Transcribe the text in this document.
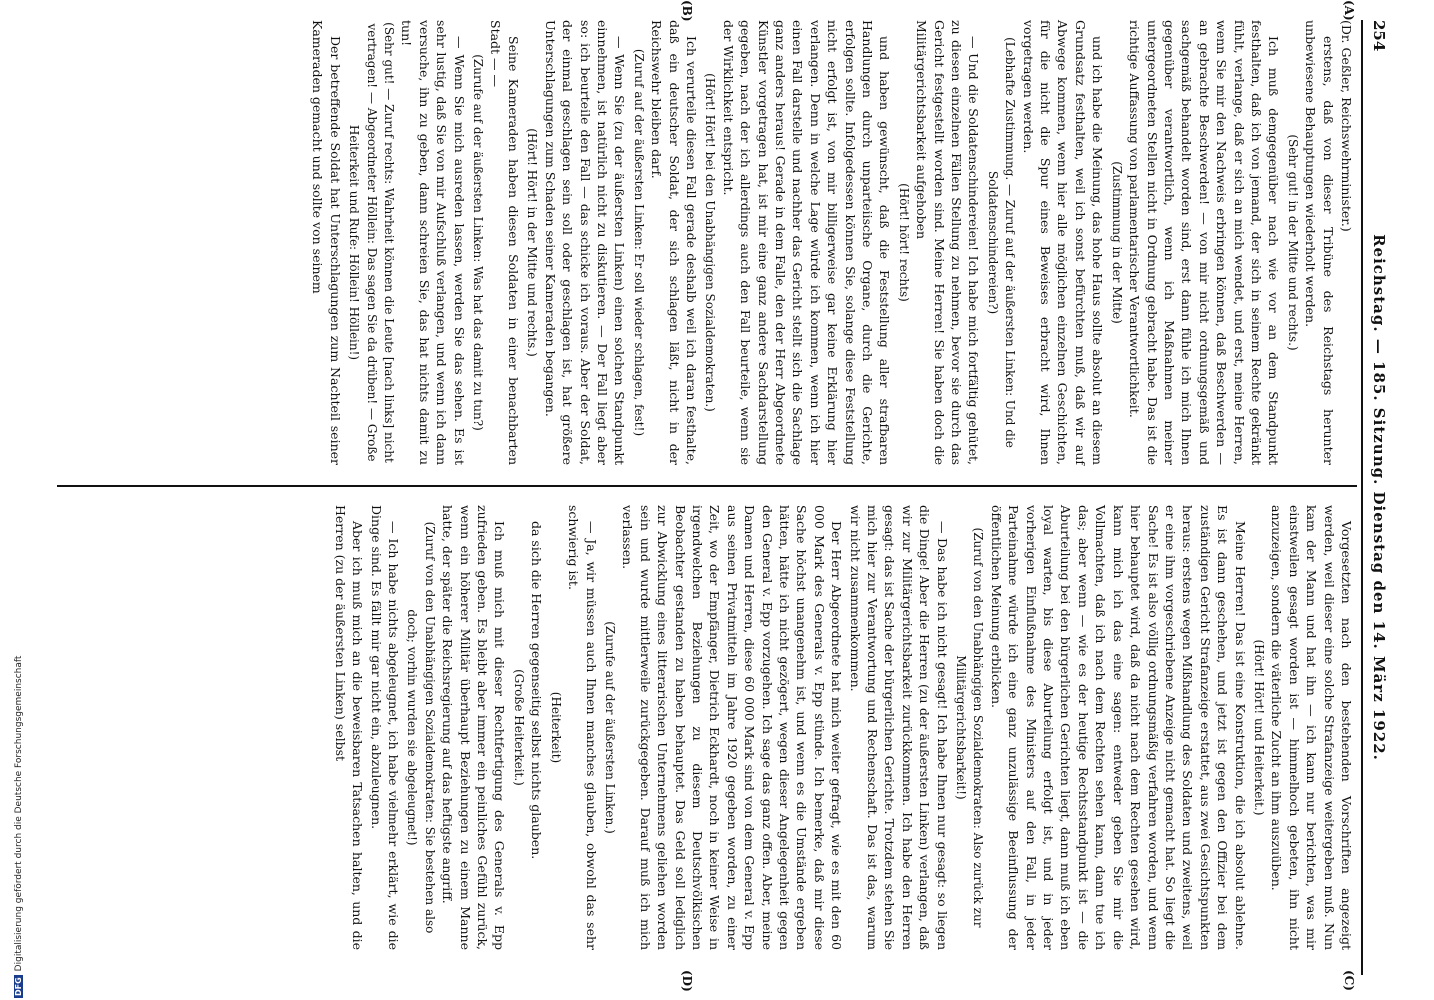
254
Reichstag. — 185. Sitzung. Dienstag den 14. März 1922.
(A)
(B)
(C)
(D)

(Dr. Geßler, Reichswehrminister.)

erstens, daß von dieser Tribüne des Reichstags herunter unbewiesene Behauptungen wiederholt werden.

(Sehr gut! in der Mitte und rechts.)

Ich muß demgegenüber nach wie vor an dem Standpunkt festhalten, daß ich von jemand, der sich in seinem Rechte gekränkt fühlt, verlange, daß er sich an mich wendet, und erst, meine Herren, wenn Sie mir den Nachweis erbringen können, daß Beschwerden — an gebrachte Beschwerden! — von mir nicht ordnungsgemäß und sachgemäß behandelt worden sind, erst dann fühle ich mich Ihnen gegenüber verantwortlich, wenn ich Maßnahmen meiner untergeordneten Stellen nicht in Ordnung gebracht habe. Das ist die richtige Auffassung von parlamentarischer Verantwortlichkeit.

(Zustimmung in der Mitte)

und ich habe die Meinung, das hohe Haus sollte absolut an diesem Grundsatz festhalten, weil ich sonst befürchten muß, daß wir auf Abwege kommen, wenn hier alle möglichen einzelnen Geschichten, für die nicht die Spur eines Beweises erbracht wird, Ihnen vorgetragen werden.

(Lebhafte Zustimmung. — Zuruf auf der äußersten Linken: Und die Soldatenschindereien?)

— Und die Soldatenschindereien! Ich habe mich fortfältig gehütet, zu diesen einzelnen Fällen Stellung zu nehmen, bevor sie durch das Gericht festgestellt worden sind. Meine Herren! Sie haben doch die Militärgerichtsbarkeit aufgehoben

(Hört! hört! rechts)

und haben gewünscht, daß die Feststellung aller strafbaren Handlungen durch unparteiische Organe, durch die Gerichte, erfolgen sollte. Infolgedessen können Sie, solange diese Feststellung nicht erfolgt ist, von mir billigerweise gar keine Erklärung hier verlangen. Denn in welche Lage würde ich kommen, wenn ich hier einen Fall darstelle und nachher das Gericht stellt sich die Sachlage ganz anders heraus! Gerade in dem Falle, den der Herr Abgeordnete Künstler vorgetragen hat, ist mir eine ganz andere Sachdarstellung gegeben, nach der ich allerdings auch den Fall beurteile, wenn sie der Wirklichkeit entspricht.

(Hört! Hört! bei den Unabhängigen Sozialdemokraten.)

Ich verurteile diesen Fall gerade deshalb weil ich daran festhalte, daß ein deutscher Soldat, der sich schlagen läßt, nicht in der Reichswehr bleiben darf.

(Zuruf auf der äußersten Linken: Er soll wieder schlagen, fest!)

— Wenn Sie (zu der äußersten Linken) einen solchen Standpunkt einnehmen, ist natürlich nicht zu diskutieren. — Der Fall liegt aber so: ich beurteile den Fall — das schicke ich voraus. Aber der Soldat, der einmal geschlagen sein soll oder geschlagen ist, hat größere Unterschlagungen zum Schaden seiner Kameraden begangen.

(Hört! Hört! in der Mitte und rechts.)

Seine Kameraden haben diesen Soldaten in einer benachbarten Stadt — —

(Zurufe auf der äußersten Linken: Was hat das damit zu tun?)

— Wenn Sie mich ausreden lassen, werden Sie das sehen. Es ist sehr lustig, daß Sie von mir Aufschluß verlangen, und wenn ich dann versuche, ihn zu geben, dann schreien Sie, das hat nichts damit zu tun!

(Sehr gut! — Zuruf rechts: Wahrheit können die Leute [nach links] nicht vertragen! — Abgeordneter Höllein: Das sagen Sie da drüben! — Große Heiterkeit und Rufe: Höllein! Höllein!)

Der betreffende Soldat hat Unterschlagungen zum Nachteil seiner Kameraden gemacht und sollte von seinem

Vorgesetzten nach den bestehenden Vorschriften angezeigt werden, weil dieser eine solche Strafanzeige weitergeben muß. Nun kam der Mann und hat ihn — ich kann nur berichten, was mir einstweilen gesagt worden ist — himmelhoch gebeten, ihn nicht anzuzeigen, sondern die väterliche Zucht an ihm auszuüben.

(Hört! Hört! und Heiterkeit.)

Meine Herren! Das ist eine Konstruktion, die ich absolut ablehne. Es ist dann geschehen, und jetzt ist gegen den Offizier bei dem zuständigen Gericht Strafanzeige erstattet, aus zwei Gesichtspunkten heraus: erstens wegen Mißhandlung des Soldaten und zweitens, weil er eine ihm vorgeschriebene Anzeige nicht gemacht hat. So liegt die Sache! Es ist also völlig ordnungsmäßig verfahren worden, und wenn hier behauptet wird, daß da nicht nach dem Rechten gesehen wird, kann mich ich das eine sagen: entweder geben Sie mir die Vollmachten, daß ich nach dem Rechten sehen kann, dann tue ich das; aber wenn — wie es der heutige Rechtsstandpunkt ist — die Aburteilung bei den bürgerlichen Gerichten liegt, dann muß ich eben loyal warten, bis diese Aburteilung erfolgt ist, und in jeder vorherigen Einflußnahme des Ministers auf den Fall, in jeder Parteinahme würde ich eine ganz unzulässige Beeinflussung der öffentlichen Meinung erblicken.

(Zuruf von den Unabhängigen Sozialdemokraten: Also zurück zur Militärgerichtsbarkeit!)

— Das habe ich nicht gesagt! Ich habe Ihnen nur gesagt: so liegen die Dinge! Aber die Herren (zu der äußersten Linken) verlangen, daß wir zur Militärgerichtsbarkeit zurückkommen. Ich habe den Herren gesagt: das ist Sache der bürgerlichen Gerichte. Trotzdem stehen Sie mich hier zur Verantwortung und Rechenschaft. Das ist das, warum wir nicht zusammenkommen.

Der Herr Abgeordnete hat mich weiter gefragt, wie es mit den 60 000 Mark des Generals v. Epp stünde. Ich bemerke, daß mir diese Sache höchst unangenehm ist, und wenn es die Umstände ergeben hätten, hätte ich nicht gezögert, wegen dieser Angelegenheit gegen den General v. Epp vorzugehen. Ich sage das ganz offen. Aber, meine Damen und Herren, diese 60 000 Mark sind von dem General v. Epp aus seinen Privatmitteln im Jahre 1920 gegeben worden, zu einer Zeit, wo der Empfänger, Dietrich Eckhardt, noch in keiner Weise in irgendwelchen Beziehungen zu diesem Deutschvölkischen Beobachter gestanden zu haben behauptet. Das Geld soll lediglich zur Abwicklung eines litterarischen Unternehmens geliehen worden sein und wurde mittlerweile zurückgegeben. Darauf muß ich mich verlassen.

(Zurufe auf der äußersten Linken.)

— Ja, wir müssen auch Ihnen manches glauben, obwohl das sehr schwierig ist.

(Heiterkeit)

da sich die Herren gegenseitig selbst nichts glauben.

(Große Heiterkeit.)

Ich muß mich mit dieser Rechtfertigung des Generals v. Epp zufrieden geben. Es bleibt aber immer ein peinliches Gefühl zurück, wenn ein höherer Militär überhaupt Beziehungen zu einem Manne hatte, der später die Reichsregierung auf das heftigste angriff.

(Zuruf von den Unabhängigen Sozialdemokraten: Sie bestehen also doch; vorhin wurden sie abgeleugnet!)

— Ich habe nichts abgeleugnet, ich habe vielmehr erklärt, wie die Dinge sind. Es fällt mir gar nicht ein, abzuleugnen.

Aber ich muß mich an die beweisbaren Tatsachen halten, und die Herren (zu der äußersten Linken) selbst

DFGDigitalisierung gefördert durch die Deutsche Forschungsgemeinschaft
